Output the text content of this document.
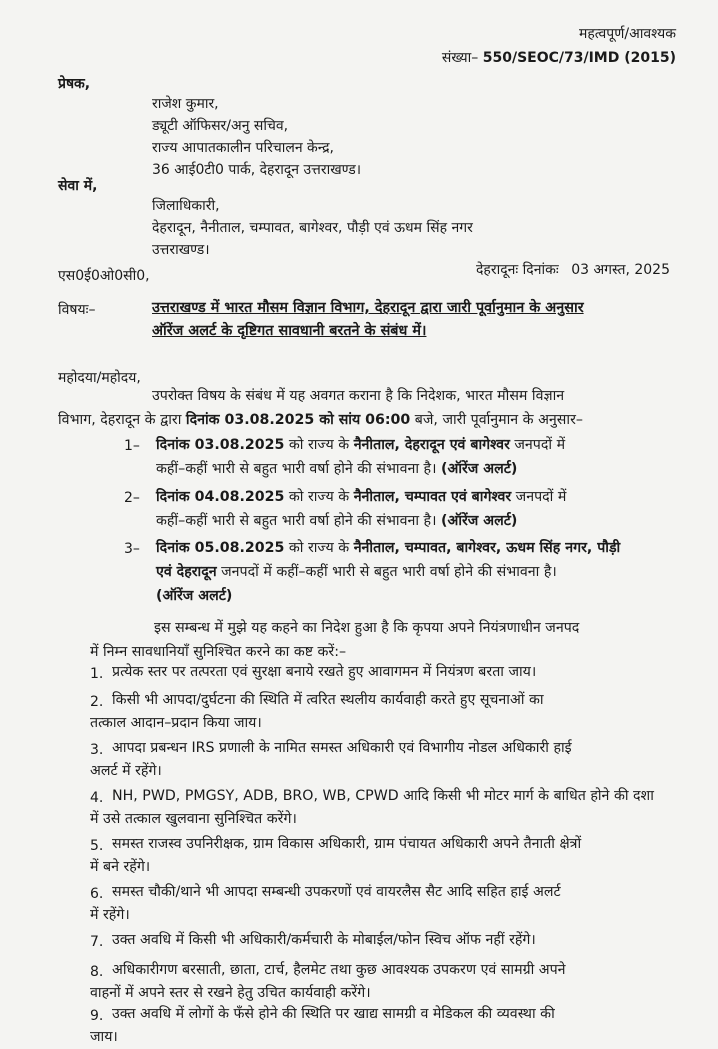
महत्वपूर्ण/आवश्यक
संख्या– 550/SEOC/73/IMD (2015)
प्रेषक,
राजेश कुमार,
ड्यूटी ऑफिसर/अनु सचिव,
राज्य आपातकालीन परिचालन केन्द्र,
36 आई0टी0 पार्क, देहरादून उत्तराखण्ड।
सेवा में,
जिलाधिकारी,
देहरादून, नैनीताल, चम्पावत, बागेश्वर, पौड़ी एवं ऊधम सिंह नगर
उत्तराखण्ड।
एस0ई0ओ0सी0,	देहरादूनः दिनांकः 03 अगस्त, 2025
विषयः–	उत्तराखण्ड में भारत मौसम विज्ञान विभाग, देहरादून द्वारा जारी पूर्वानुमान के अनुसार
ऑरेंज अलर्ट के दृष्टिगत सावधानी बरतने के संबंध में।
महोदया/महोदय,
उपरोक्त विषय के संबंध में यह अवगत कराना है कि निदेशक, भारत मौसम विज्ञान
विभाग, देहरादून के द्वारा दिनांक 03.08.2025 को सांय 06:00 बजे, जारी पूर्वानुमान के अनुसार–
1– दिनांक 03.08.2025 को राज्य के नैनीताल, देहरादून एवं बागेश्वर जनपदों में
कहीं–कहीं भारी से बहुत भारी वर्षा होने की संभावना है। (ऑरेंज अलर्ट)
2– दिनांक 04.08.2025 को राज्य के नैनीताल, चम्पावत एवं बागेश्वर जनपदों में
कहीं–कहीं भारी से बहुत भारी वर्षा होने की संभावना है। (ऑरेंज अलर्ट)
3– दिनांक 05.08.2025 को राज्य के नैनीताल, चम्पावत, बागेश्वर, ऊधम सिंह नगर, पौड़ी
एवं देहरादून जनपदों में कहीं–कहीं भारी से बहुत भारी वर्षा होने की संभावना है।
(ऑरेंज अलर्ट)
इस सम्बन्ध में मुझे यह कहने का निदेश हुआ है कि कृपया अपने नियंत्रणाधीन जनपद
में निम्न सावधानियाँ सुनिश्चित करने का कष्ट करें:–
1. प्रत्येक स्तर पर तत्परता एवं सुरक्षा बनाये रखते हुए आवागमन में नियंत्रण बरता जाय।
2. किसी भी आपदा/दुर्घटना की स्थिति में त्वरित स्थलीय कार्यवाही करते हुए सूचनाओं का
तत्काल आदान–प्रदान किया जाय।
3. आपदा प्रबन्धन IRS प्रणाली के नामित समस्त अधिकारी एवं विभागीय नोडल अधिकारी हाई
अलर्ट में रहेंगे।
4. NH, PWD, PMGSY, ADB, BRO, WB, CPWD आदि किसी भी मोटर मार्ग के बाधित होने की दशा
में उसे तत्काल खुलवाना सुनिश्चित करेंगे।
5. समस्त राजस्व उपनिरीक्षक, ग्राम विकास अधिकारी, ग्राम पंचायत अधिकारी अपने तैनाती क्षेत्रों
में बने रहेंगे।
6. समस्त चौकी/थाने भी आपदा सम्बन्धी उपकरणों एवं वायरलैस सैट आदि सहित हाई अलर्ट
में रहेंगे।
7. उक्त अवधि में किसी भी अधिकारी/कर्मचारी के मोबाईल/फोन स्विच ऑफ नहीं रहेंगे।
8. अधिकारीगण बरसाती, छाता, टार्च, हैलमेट तथा कुछ आवश्यक उपकरण एवं सामग्री अपने
वाहनों में अपने स्तर से रखने हेतु उचित कार्यवाही करेंगे।
9. उक्त अवधि में लोगों के फँसे होने की स्थिति पर खाद्य सामग्री व मेडिकल की व्यवस्था की
जाय।
